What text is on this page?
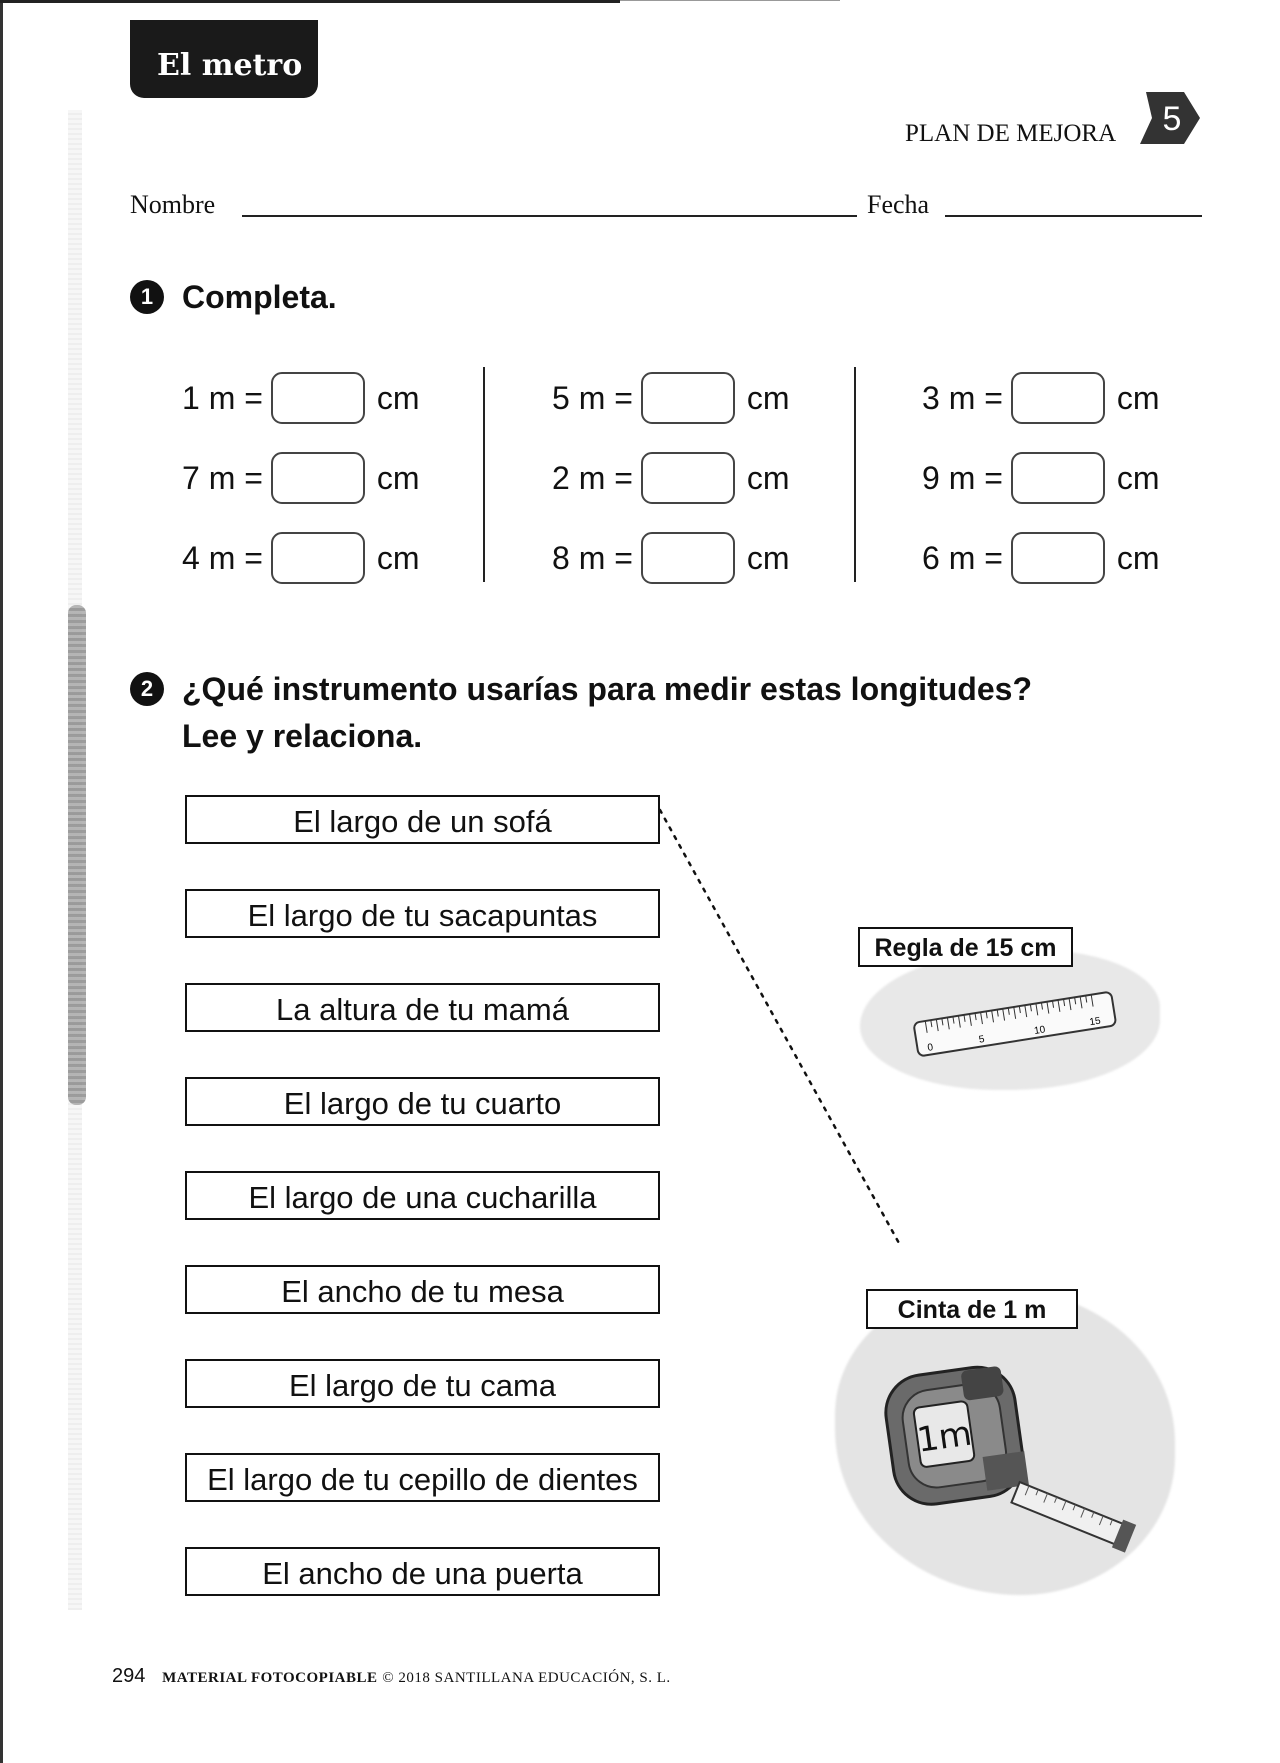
El metro
PLAN DE MEJORA 5
Nombre	Fecha
1 Completa.
1 m =	cm
7 m =	cm
4 m =	cm
5 m =	cm
2 m =	cm
8 m =	cm
3 m =	cm
9 m =	cm
6 m =	cm
2 ¿Qué instrumento usarías para medir estas longitudes?
Lee y relaciona.
El largo de un sofá
El largo de tu sacapuntas
La altura de tu mamá
El largo de tu cuarto
El largo de una cucharilla
El ancho de tu mesa
El largo de tu cama
El largo de tu cepillo de dientes
El ancho de una puerta
Regla de 15 cm
0
5
10
15
Cinta de 1 m
1m
294 MATERIAL FOTOCOPIABLE © 2018 SANTILLANA EDUCACIÓN, S. L.
